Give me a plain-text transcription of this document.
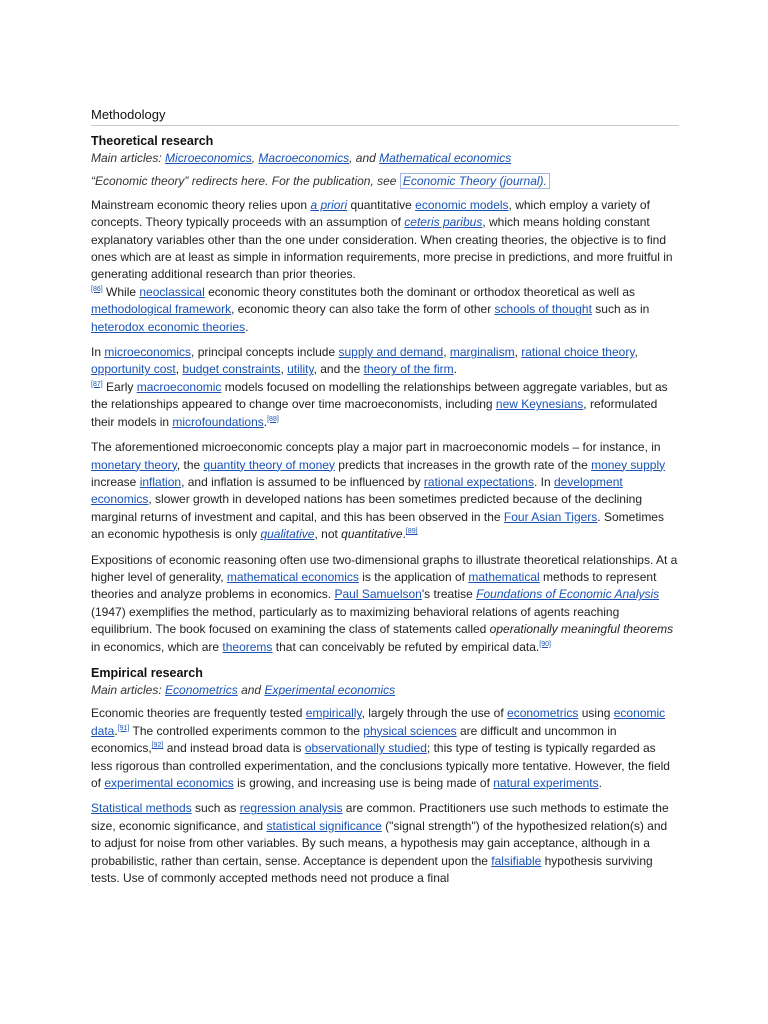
Methodology
Theoretical research
Main articles: Microeconomics, Macroeconomics, and Mathematical economics

“Economic theory” redirects here. For the publication, see Economic Theory (journal).

Mainstream economic theory relies upon a priori quantitative economic models, which employ a variety of concepts. Theory typically proceeds with an assumption of ceteris paribus, which means holding constant explanatory variables other than the one under consideration. When creating theories, the objective is to find ones which are at least as simple in information requirements, more precise in predictions, and more fruitful in generating additional research than prior theories.
[86] While neoclassical economic theory constitutes both the dominant or orthodox theoretical as well as methodological framework, economic theory can also take the form of other schools of thought such as in heterodox economic theories.

In microeconomics, principal concepts include supply and demand, marginalism, rational choice theory, opportunity cost, budget constraints, utility, and the theory of the firm.
[87] Early macroeconomic models focused on modelling the relationships between aggregate variables, but as the relationships appeared to change over time macroeconomists, including new Keynesians, reformulated their models in microfoundations.[88]

The aforementioned microeconomic concepts play a major part in macroeconomic models – for instance, in monetary theory, the quantity theory of money predicts that increases in the growth rate of the money supply increase inflation, and inflation is assumed to be influenced by rational expectations. In development economics, slower growth in developed nations has been sometimes predicted because of the declining marginal returns of investment and capital, and this has been observed in the Four Asian Tigers. Sometimes an economic hypothesis is only qualitative, not quantitative.[89]

Expositions of economic reasoning often use two-dimensional graphs to illustrate theoretical relationships. At a higher level of generality, mathematical economics is the application of mathematical methods to represent theories and analyze problems in economics. Paul Samuelson's treatise Foundations of Economic Analysis (1947) exemplifies the method, particularly as to maximizing behavioral relations of agents reaching equilibrium. The book focused on examining the class of statements called operationally meaningful theorems in economics, which are theorems that can conceivably be refuted by empirical data.[90]

Empirical research
Main articles: Econometrics and Experimental economics

Economic theories are frequently tested empirically, largely through the use of econometrics using economic data.[91] The controlled experiments common to the physical sciences are difficult and uncommon in economics,[92] and instead broad data is observationally studied; this type of testing is typically regarded as less rigorous than controlled experimentation, and the conclusions typically more tentative. However, the field of experimental economics is growing, and increasing use is being made of natural experiments.

Statistical methods such as regression analysis are common. Practitioners use such methods to estimate the size, economic significance, and statistical significance ("signal strength") of the hypothesized relation(s) and to adjust for noise from other variables. By such means, a hypothesis may gain acceptance, although in a probabilistic, rather than certain, sense. Acceptance is dependent upon the falsifiable hypothesis surviving tests. Use of commonly accepted methods need not produce a final
